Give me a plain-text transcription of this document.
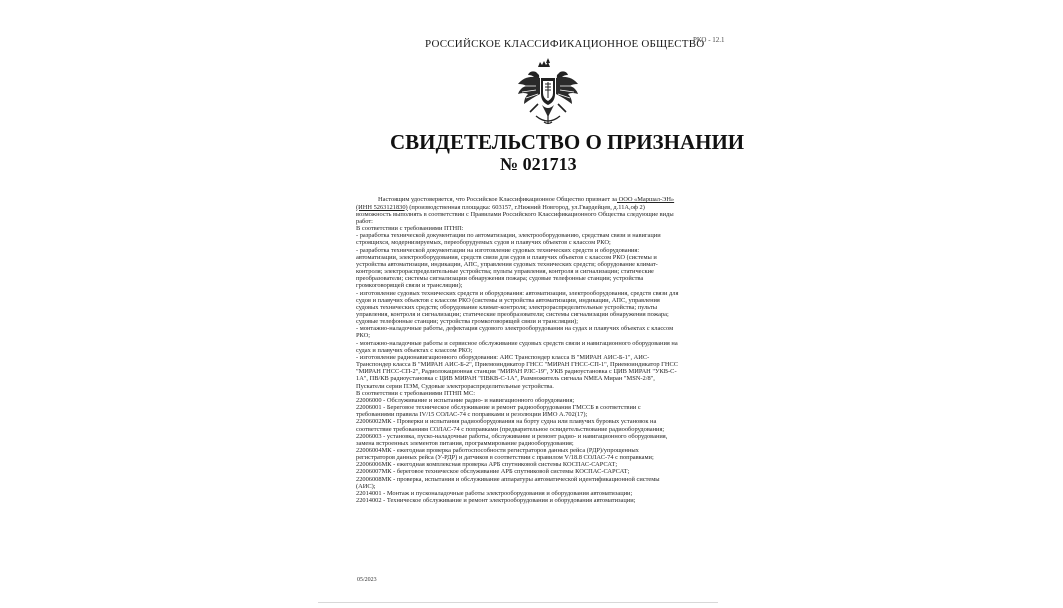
РОССИЙСКОЕ КЛАССИФИКАЦИОННОЕ ОБЩЕСТВО
РКО - 12.1
СВИДЕТЕЛЬСТВО О ПРИЗНАНИИ
№ 021713
Настоящим удостоверяется, что Российское Классификационное Общество признает за ООО «Маршал-ЭН»
(ИНН 5263121830) (производственная площадка: 603157, г.Нижний Новгород, ул.Гвардейцев, д.11А,оф 2)
возможность выполнять в соответствии с Правилами Российского Классификационного Общества следующие виды
работ:
В соответствии с требованиями ПТНП:
- разработка технической документации по автоматизации, электрооборудованию, средствам связи и навигации
строящихся, модернизируемых, переоборудуемых судов и плавучих объектов с классом РКО;
- разработка технической документации на изготовление судовых технических средств и оборудования:
автоматизации, электрооборудования, средств связи для судов и плавучих объектов с классом РКО (системы и
устройства автоматизации, индикации, АПС, управления судовых технических средств; оборудование климат-
контроля; электрораспределительные устройства; пульты управления, контроля и сигнализации; статические
преобразователи; системы сигнализации обнаружения пожара; судовые телефонные станции; устройства
громкоговорящей связи и трансляции);
- изготовление судовых технических средств и оборудования: автоматизации, электрооборудования, средств связи для
судов и плавучих объектов с классом РКО (системы и устройства автоматизации, индикации, АПС, управления
судовых технических средств; оборудование климат-контроля; электрораспределительные устройства; пульты
управления, контроля и сигнализации; статические преобразователи; системы сигнализации обнаружения пожара;
судовые телефонные станции; устройства громкоговорящей связи и трансляции);
- монтажно-наладочные работы, дефектация судового электрооборудования на судах и плавучих объектах с классом
РКО;
- монтажно-наладочные работы и сервисное обслуживание судовых средств связи и навигационного оборудования на
судах и плавучих объектах с классом РКО;
- изготовление радионавигационного оборудования: АИС Транспондер класса В "МИРАН АИС-Б-1", АИС-
Транспондер класса В "МИРАН АИС-Б-2", Приемоиндикатор ГНСС "МИРАН ГНСС-СП-1", Приемоиндикатор ГНСС
"МИРАН ГНСС-СП-2", Радиолокационная станция "МИРАН РЛС-19", УКВ радиоустановка с ЦИВ МИРАН "УКВ-С-
1А", ПВ/КВ радиоустановка с ЦИВ МИРАН "ПВКВ-С-1А", Размножитель сигнала NMEA Миран "MSN-2/8",
Пускатели серии ПЭМ, Судовые электрораспределительные устройства.
В соответствии с требованиями ПТНП МС:
22006000 - Обслуживание и испытание радио- и навигационного оборудования;
22006001 - Береговое техническое обслуживание и ремонт радиооборудования ГМССБ в соответствии с
требованиями правила IV/15 СОЛАС-74 с поправками и резолюции ИМО А.702(17);
22006002МК - Проверки и испытания радиооборудования на борту судна или плавучих буровых установок на
соответствие требованиям СОЛАС-74 с поправками (предварительное освидетельствование радиооборудования;
22006003 - установка, пуско-наладочные работы, обслуживание и ремонт радио- и навигационного оборудования,
замена встроенных элементов питания, программирование радиооборудования;
22006004МК - ежегодная проверка работоспособности регистраторов данных рейса (РДР)/упрощенных
регистраторов данных рейса (У-РДР) и датчиков в соответствии с правилом V/18.8 СОЛАС-74 с поправками;
22006006МК - ежегодная комплексная проверка АРБ спутниковой системы КОСПАС-САРСАТ;
22006007МК - береговое техническое обслуживание АРБ спутниковой системы КОСПАС-САРСАТ;
22006008МК - проверка, испытания и обслуживание аппаратуры автоматической идентификационной системы
(АИС);
22014001 - Монтаж и пусконаладочные работы электрооборудования и оборудования автоматизации;
22014002 - Техническое обслуживание и ремонт электрооборудования и оборудования автоматизации;
05/2023
